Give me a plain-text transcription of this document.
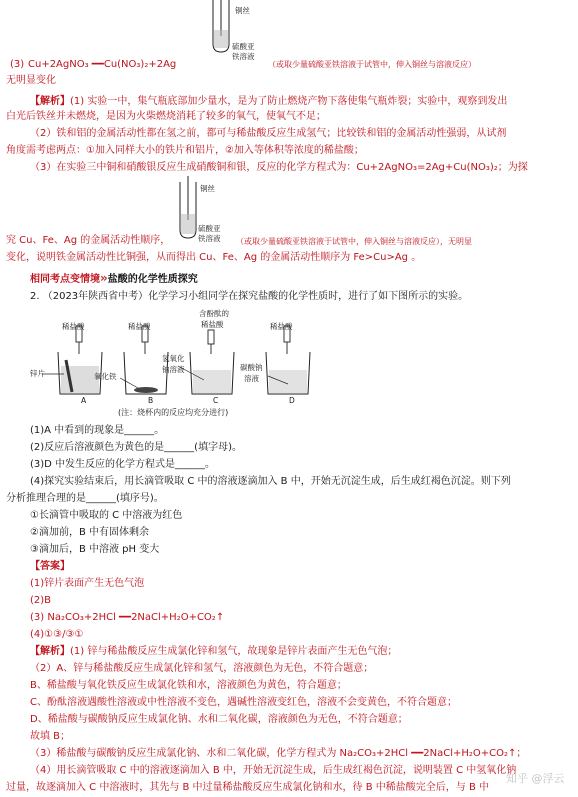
铜丝
硫酸亚
铁溶液
(3) Cu+2AgNO₃ ━━Cu(NO₃)₂+2Ag	（或取少量硫酸亚铁溶液于试管中，伸入铜丝与溶液反应）
无明显变化
【解析】(1) 实验一中，集气瓶底部加少量水，是为了防止燃烧产物下落使集气瓶炸裂；实验中，观察到发出
白光后铁丝并未燃烧，是因为火柴燃烧消耗了较多的氧气，使氧气不足；
（2）铁和铝的金属活动性都在氢之前，都可与稀盐酸反应生成氢气；比较铁和铝的金属活动性强弱，从试剂
角度需考虑两点：①加入同样大小的铁片和铝片，②加入等体积等浓度的稀盐酸；
（3）在实验三中铜和硝酸银反应生成硝酸铜和银，反应的化学方程式为：Cu+2AgNO₃=2Ag+Cu(NO₃)₂；为探
铜丝
硫酸亚
铁溶液
究 Cu、Fe、Ag 的金属活动性顺序，	（或取少量硫酸亚铁溶液于试管中，伸入铜丝与溶液反应），无明显
变化，说明铁金属活动性比铜强，从而得出 Cu、Fe、Ag 的金属活动性顺序为 Fe>Cu>Ag 。
相同考点变情境»盐酸的化学性质探究
2. （2023年陕西省中考）化学学习小组同学在探究盐酸的化学性质时，进行了如下图所示的实验。
稀盐酸	稀盐酸
含酚酞的
稀盐酸	稀盐酸
锌片	氧化铁
氢氧化
钠溶液	碳酸钠
溶液
A	B	C	D
(注：烧杯内的反应均充分进行)
(1)A 中看到的现象是______。
(2)反应后溶液颜色为黄色的是______(填字母)。
(3)D 中发生反应的化学方程式是______。
(4)探究实验结束后，用长滴管吸取 C 中的溶液逐滴加入 B 中，开始无沉淀生成，后生成红褐色沉淀。则下列
分析推理合理的是______(填序号)。
①长滴管中吸取的 C 中溶液为红色
②滴加前，B 中有固体剩余
③滴加后，B 中溶液 pH 变大
【答案】
(1)锌片表面产生无色气泡
(2)B
(3) Na₂CO₃+2HCl ━━2NaCl+H₂O+CO₂↑
(4)①③/③①
【解析】(1) 锌与稀盐酸反应生成氯化锌和氢气，故现象是锌片表面产生无色气泡；
（2）A、锌与稀盐酸反应生成氯化锌和氢气，溶液颜色为无色，不符合题意；
B、稀盐酸与氧化铁反应生成氯化铁和水，溶液颜色为黄色，符合题意；
C、酚酞溶液遇酸性溶液或中性溶液不变色，遇碱性溶液变红色，溶液不会变黄色，不符合题意；
D、稀盐酸与碳酸钠反应生成氯化钠、水和二氧化碳，溶液颜色为无色，不符合题意；
故填 B；
（3）稀盐酸与碳酸钠反应生成氯化钠、水和二氧化碳，化学方程式为 Na₂CO₃+2HCl ━━2NaCl+H₂O+CO₂↑；
（4）用长滴管吸取 C 中的溶液逐滴加入 B 中，开始无沉淀生成，后生成红褐色沉淀，说明装置 C 中氢氧化钠
过量，故逐滴加入 C 中溶液时，其先与 B 中过量稀盐酸反应生成氯化钠和水，待 B 中稀盐酸完全后，与 B 中
知乎 @浮云
